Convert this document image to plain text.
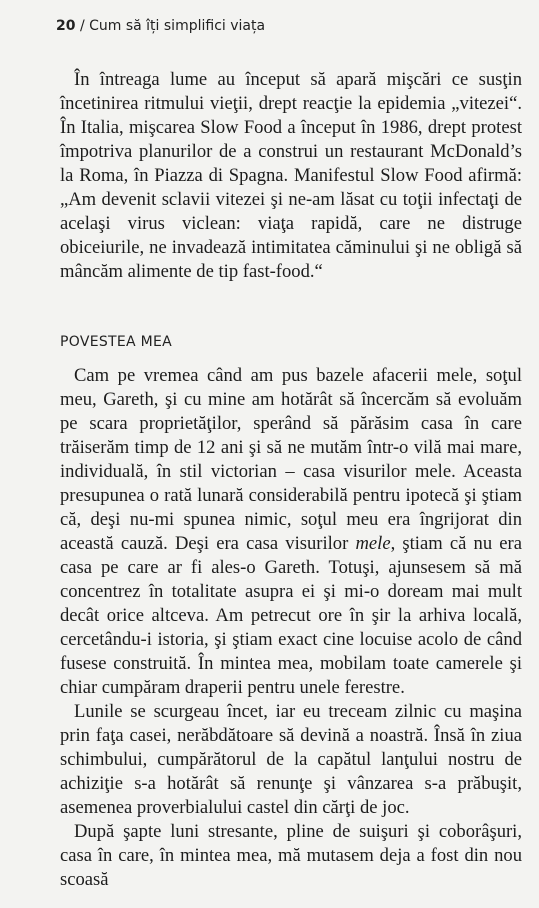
20 / Cum să îți simplifici viața

În întreaga lume au început să apară mişcări ce susţin încetinirea ritmului vieţii, drept reacţie la epidemia „vitezei“. În Italia, mişcarea Slow Food a început în 1986, drept protest împotriva planurilor de a construi un restaurant McDonald’s la Roma, în Piazza di Spagna. Manifestul Slow Food afirmă: „Am devenit sclavii vitezei şi ne-am lăsat cu toţii infectaţi de acelaşi virus viclean: viaţa rapidă, care ne distruge obiceiurile, ne invadează intimitatea căminului şi ne obligă să mâncăm alimente de tip fast-food.“

POVESTEA MEA

Cam pe vremea când am pus bazele afacerii mele, soţul meu, Gareth, şi cu mine am hotărât să încercăm să evoluăm pe scara proprietăţilor, sperând să părăsim casa în care trăiserăm timp de 12 ani şi să ne mutăm într-o vilă mai mare, individuală, în stil victorian – casa visurilor mele. Aceasta presupunea o rată lunară considerabilă pentru ipotecă şi ştiam că, deşi nu-mi spunea nimic, soţul meu era îngrijorat din această cauză. Deşi era casa visurilor mele, ştiam că nu era casa pe care ar fi ales-o Gareth. Totuşi, ajunsesem să mă concentrez în totalitate asupra ei şi mi-o doream mai mult decât orice altceva. Am petrecut ore în şir la arhiva locală, cercetându-i istoria, şi ştiam exact cine locuise acolo de când fusese construită. În mintea mea, mobilam toate camerele şi chiar cumpăram draperii pentru unele ferestre.

Lunile se scurgeau încet, iar eu treceam zilnic cu maşina prin faţa casei, nerăbdătoare să devină a noastră. Însă în ziua schimbului, cumpărătorul de la capătul lanţului nostru de achiziţie s-a hotărât să renunţe şi vânzarea s-a prăbuşit, asemenea proverbialului castel din cărţi de joc.

După şapte luni stresante, pline de suişuri şi coborâşuri, casa în care, în mintea mea, mă mutasem deja a fost din nou scoasă
